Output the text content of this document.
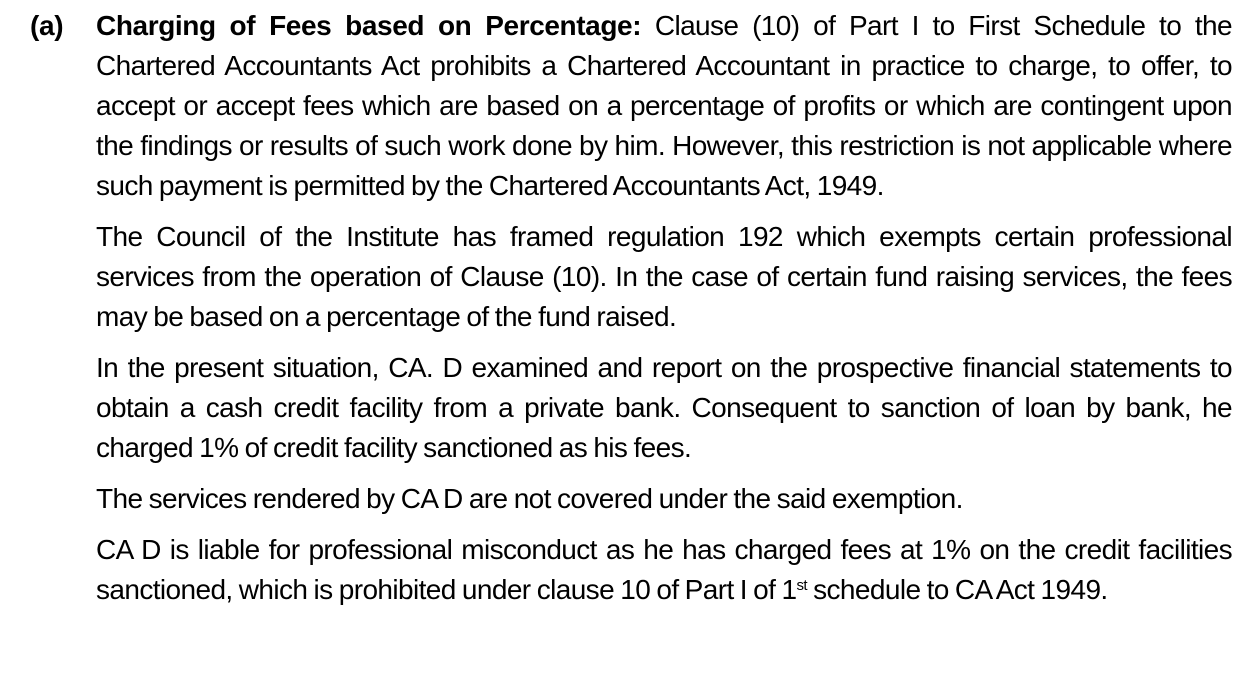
(a) Charging of Fees based on Percentage: Clause (10) of Part I to First Schedule to the Chartered Accountants Act prohibits a Chartered Accountant in practice to charge, to offer, to accept or accept fees which are based on a percentage of profits or which are contingent upon the findings or results of such work done by him. However, this restriction is not applicable where such payment is permitted by the Chartered Accountants Act, 1949.

The Council of the Institute has framed regulation 192 which exempts certain professional services from the operation of Clause (10). In the case of certain fund raising services, the fees may be based on a percentage of the fund raised.

In the present situation, CA. D examined and report on the prospective financial statements to obtain a cash credit facility from a private bank. Consequent to sanction of loan by bank, he charged 1% of credit facility sanctioned as his fees.

The services rendered by CA D are not covered under the said exemption.

CA D is liable for professional misconduct as he has charged fees at 1% on the credit facilities sanctioned, which is prohibited under clause 10 of Part I of 1st schedule to CA Act 1949.
